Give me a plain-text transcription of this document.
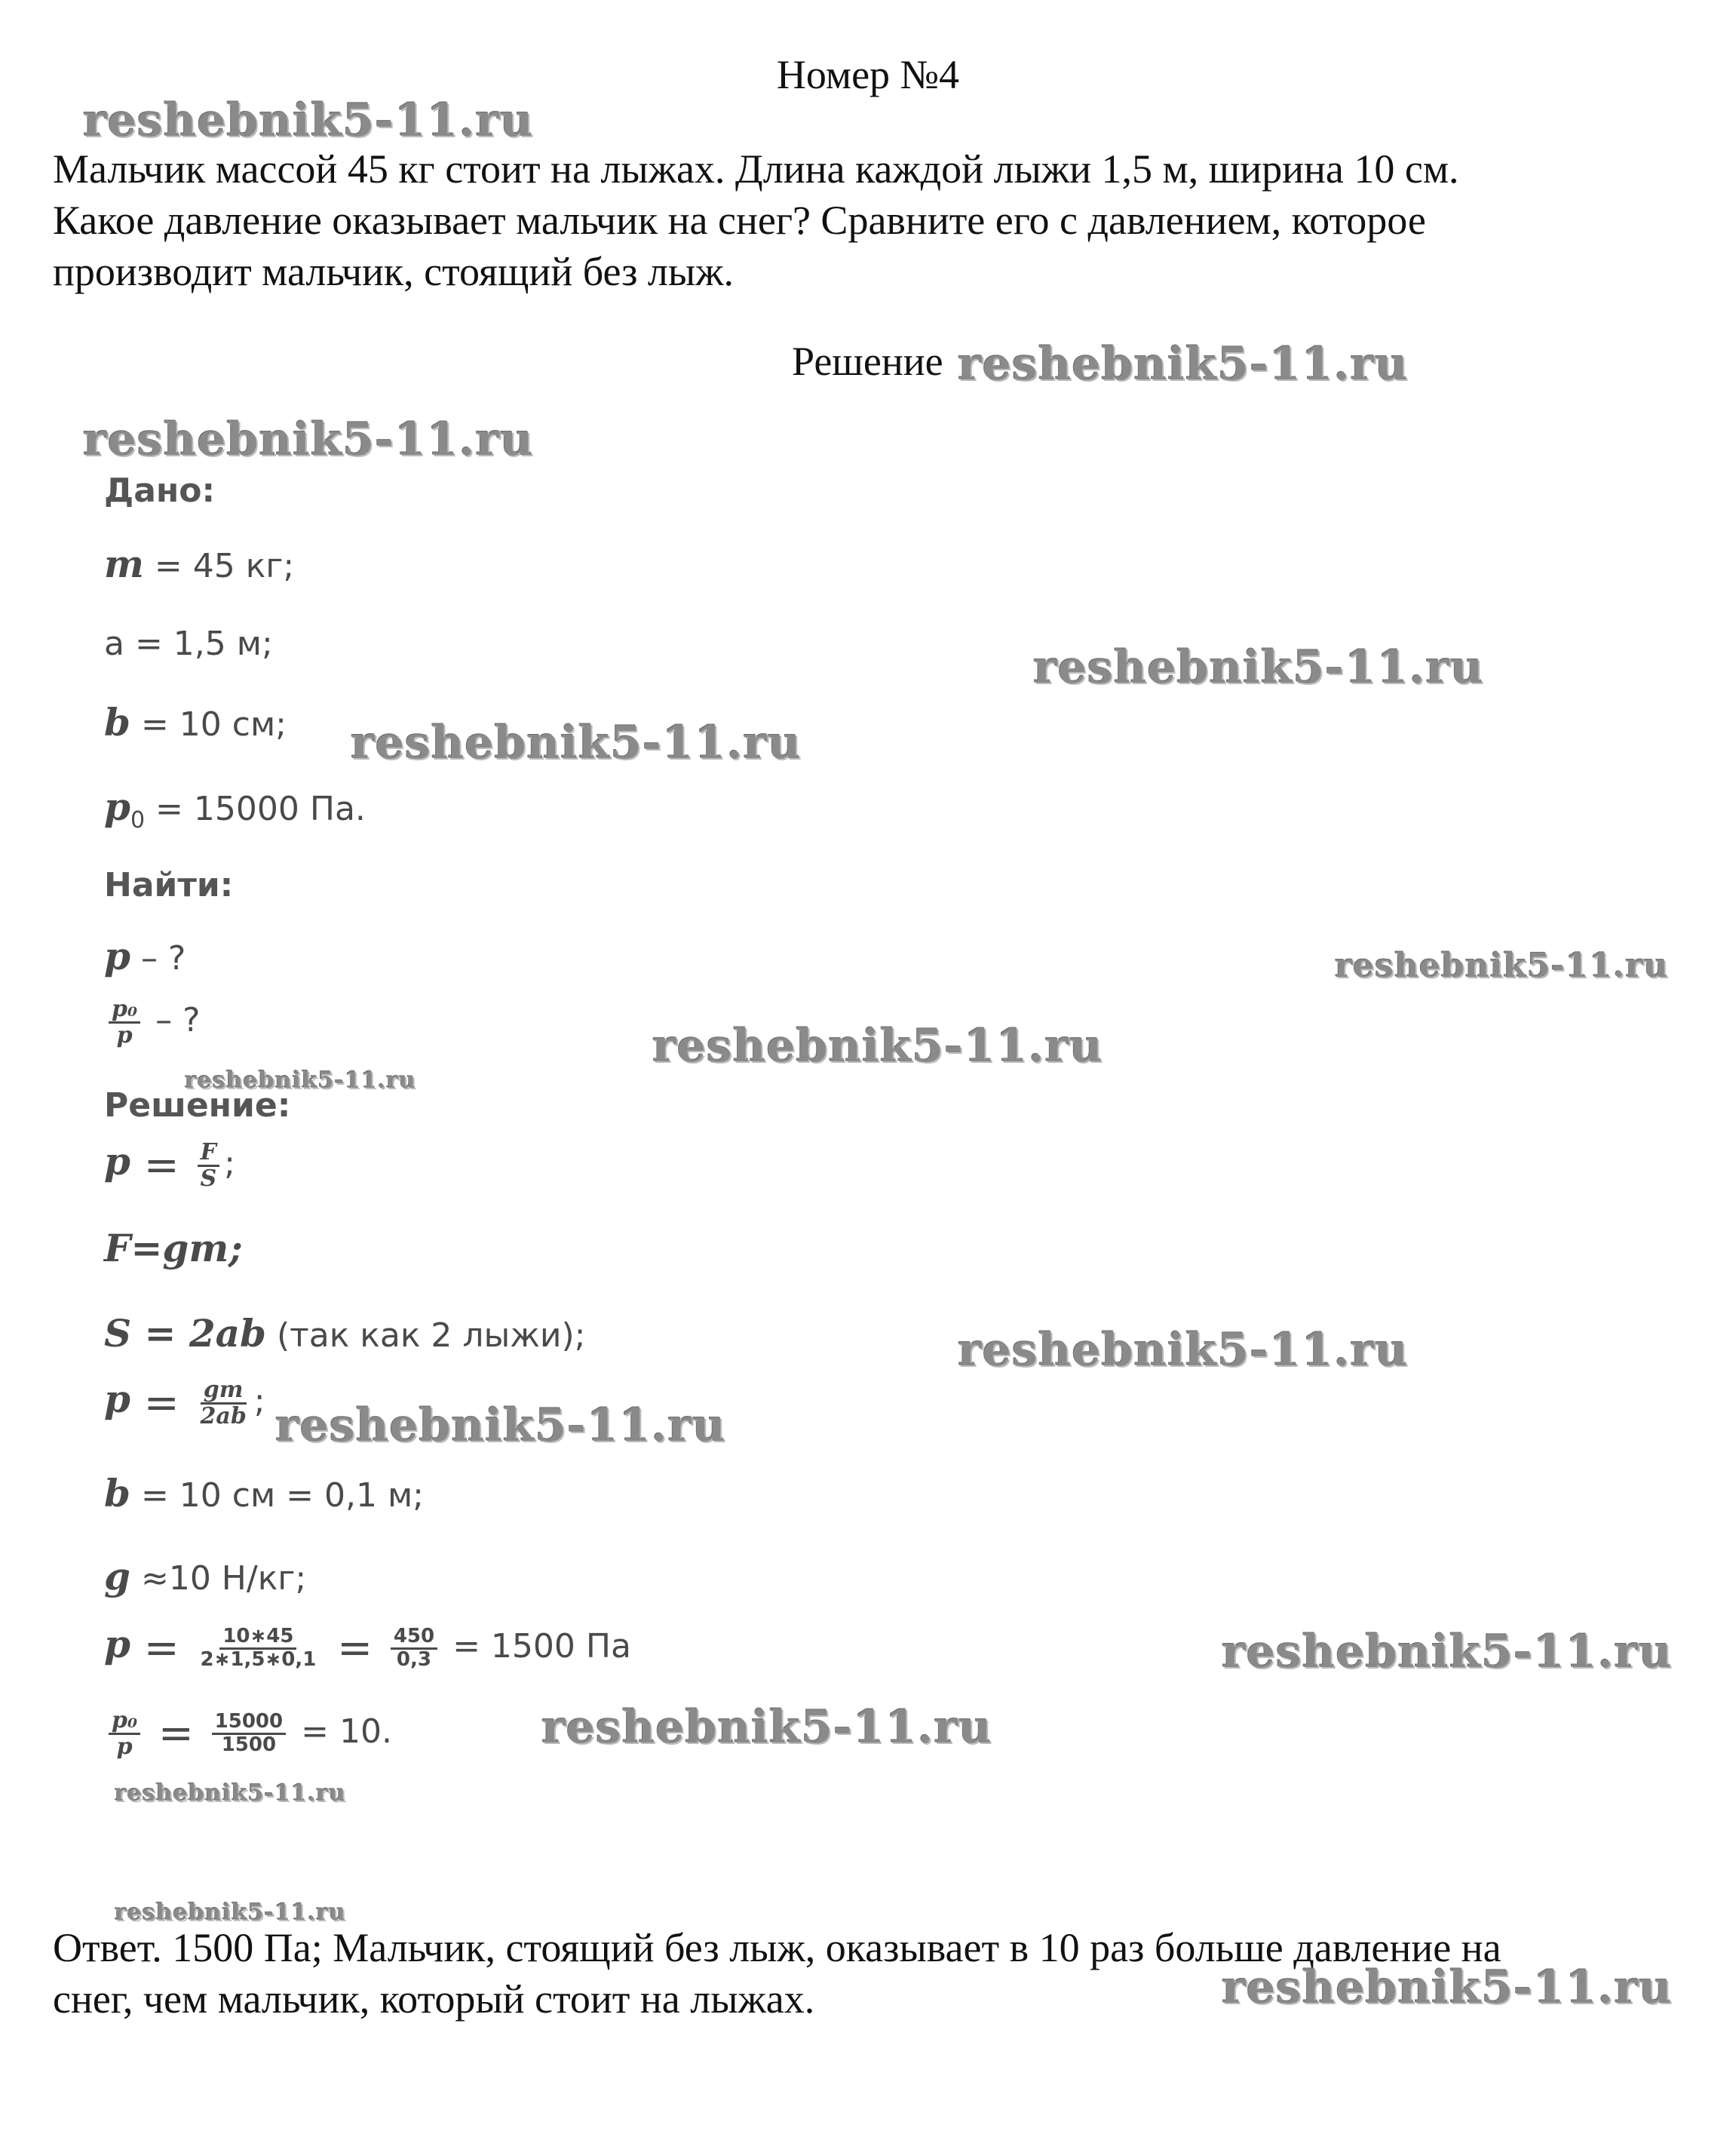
Номер №4
Мальчик массой 45 кг стоит на лыжах. Длина каждой лыжи 1,5 м, ширина 10 см.
Какое давление оказывает мальчик на снег? Сравните его с давлением, которое
производит мальчик, стоящий без лыж.
Решение
Дано:
m = 45 кг;
a = 1,5 м;
b = 10 см;
$p_0 = 15000$ Па.
Найти:
p – ?
$\frac{\text{p₀}}{p}$ – ?
Решение:
$p = \frac{F}{S}$ ;
F=gm;
S = 2ab (так как 2 лыжи);
$p = \frac{gm}{2ab}$ ;
b = 10 см = 0,1 м;
g ≈10 Н/кг;
$p = \frac{10∗45}{2∗1,5∗0,1} = \frac{450}{0,3} = 1500$ Па
$\frac{\text{p₀}}{p} = \frac{15000}{1500} = 10$.
Ответ. 1500 Па; Мальчик, стоящий без лыж, оказывает в 10 раз больше давление на
снег, чем мальчик, который стоит на лыжах.
reshebnik5-11.ru
reshebnik5-11.ru
reshebnik5-11.ru
reshebnik5-11.ru
reshebnik5-11.ru
reshebnik5-11.ru
reshebnik5-11.ru
reshebnik5-11.ru
reshebnik5-11.ru
reshebnik5-11.ru
reshebnik5-11.ru
reshebnik5-11.ru
reshebnik5-11.ru
reshebnik5-11.ru
reshebnik5-11.ru
